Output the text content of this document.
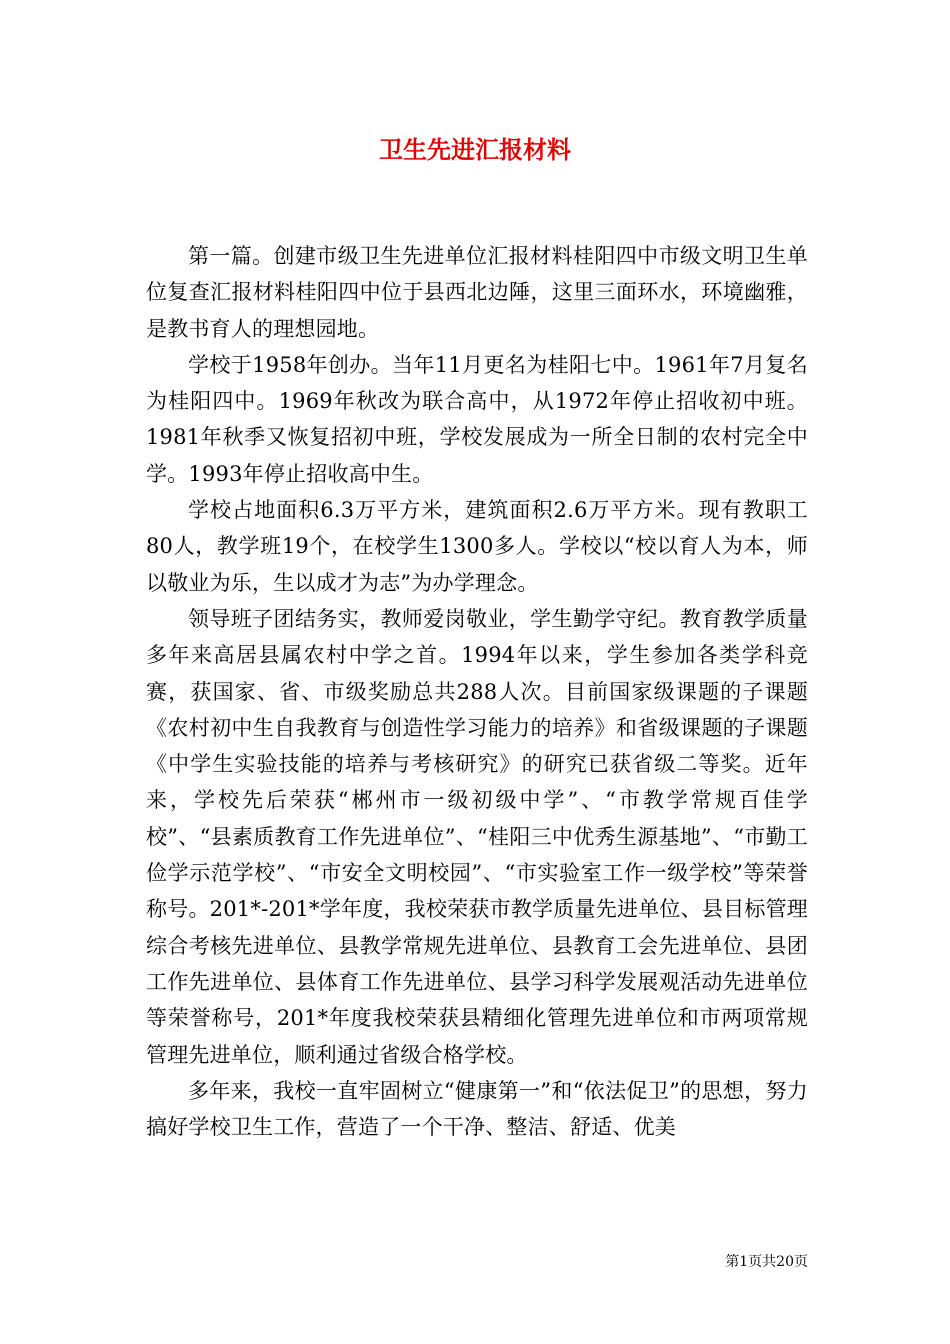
卫生先进汇报材料

第一篇。创建市级卫生先进单位汇报材料桂阳四中市级文明卫生单位复查汇报材料桂阳四中位于县西北边陲，这里三面环水，环境幽雅，是教书育人的理想园地。

学校于1958年创办。当年11月更名为桂阳七中。1961年7月复名为桂阳四中。1969年秋改为联合高中，从1972年停止招收初中班。1981年秋季又恢复招初中班，学校发展成为一所全日制的农村完全中学。1993年停止招收高中生。

学校占地面积6.3万平方米，建筑面积2.6万平方米。现有教职工80人，教学班19个，在校学生1300多人。学校以“校以育人为本，师以敬业为乐，生以成才为志”为办学理念。

领导班子团结务实，教师爱岗敬业，学生勤学守纪。教育教学质量多年来高居县属农村中学之首。1994年以来，学生参加各类学科竞赛，获国家、省、市级奖励总共288人次。目前国家级课题的子课题《农村初中生自我教育与创造性学习能力的培养》和省级课题的子课题《中学生实验技能的培养与考核研究》的研究已获省级二等奖。近年来，学校先后荣获“郴州市一级初级中学”、“市教学常规百佳学校”、“县素质教育工作先进单位”、“桂阳三中优秀生源基地”、“市勤工俭学示范学校”、“市安全文明校园”、“市实验室工作一级学校”等荣誉称号。201*-201*学年度，我校荣获市教学质量先进单位、县目标管理综合考核先进单位、县教学常规先进单位、县教育工会先进单位、县团工作先进单位、县体育工作先进单位、县学习科学发展观活动先进单位等荣誉称号，201*年度我校荣获县精细化管理先进单位和市两项常规管理先进单位，顺利通过省级合格学校。

多年来，我校一直牢固树立“健康第一”和“依法促卫”的思想，努力搞好学校卫生工作，营造了一个干净、整洁、舒适、优美

第1页共20页
